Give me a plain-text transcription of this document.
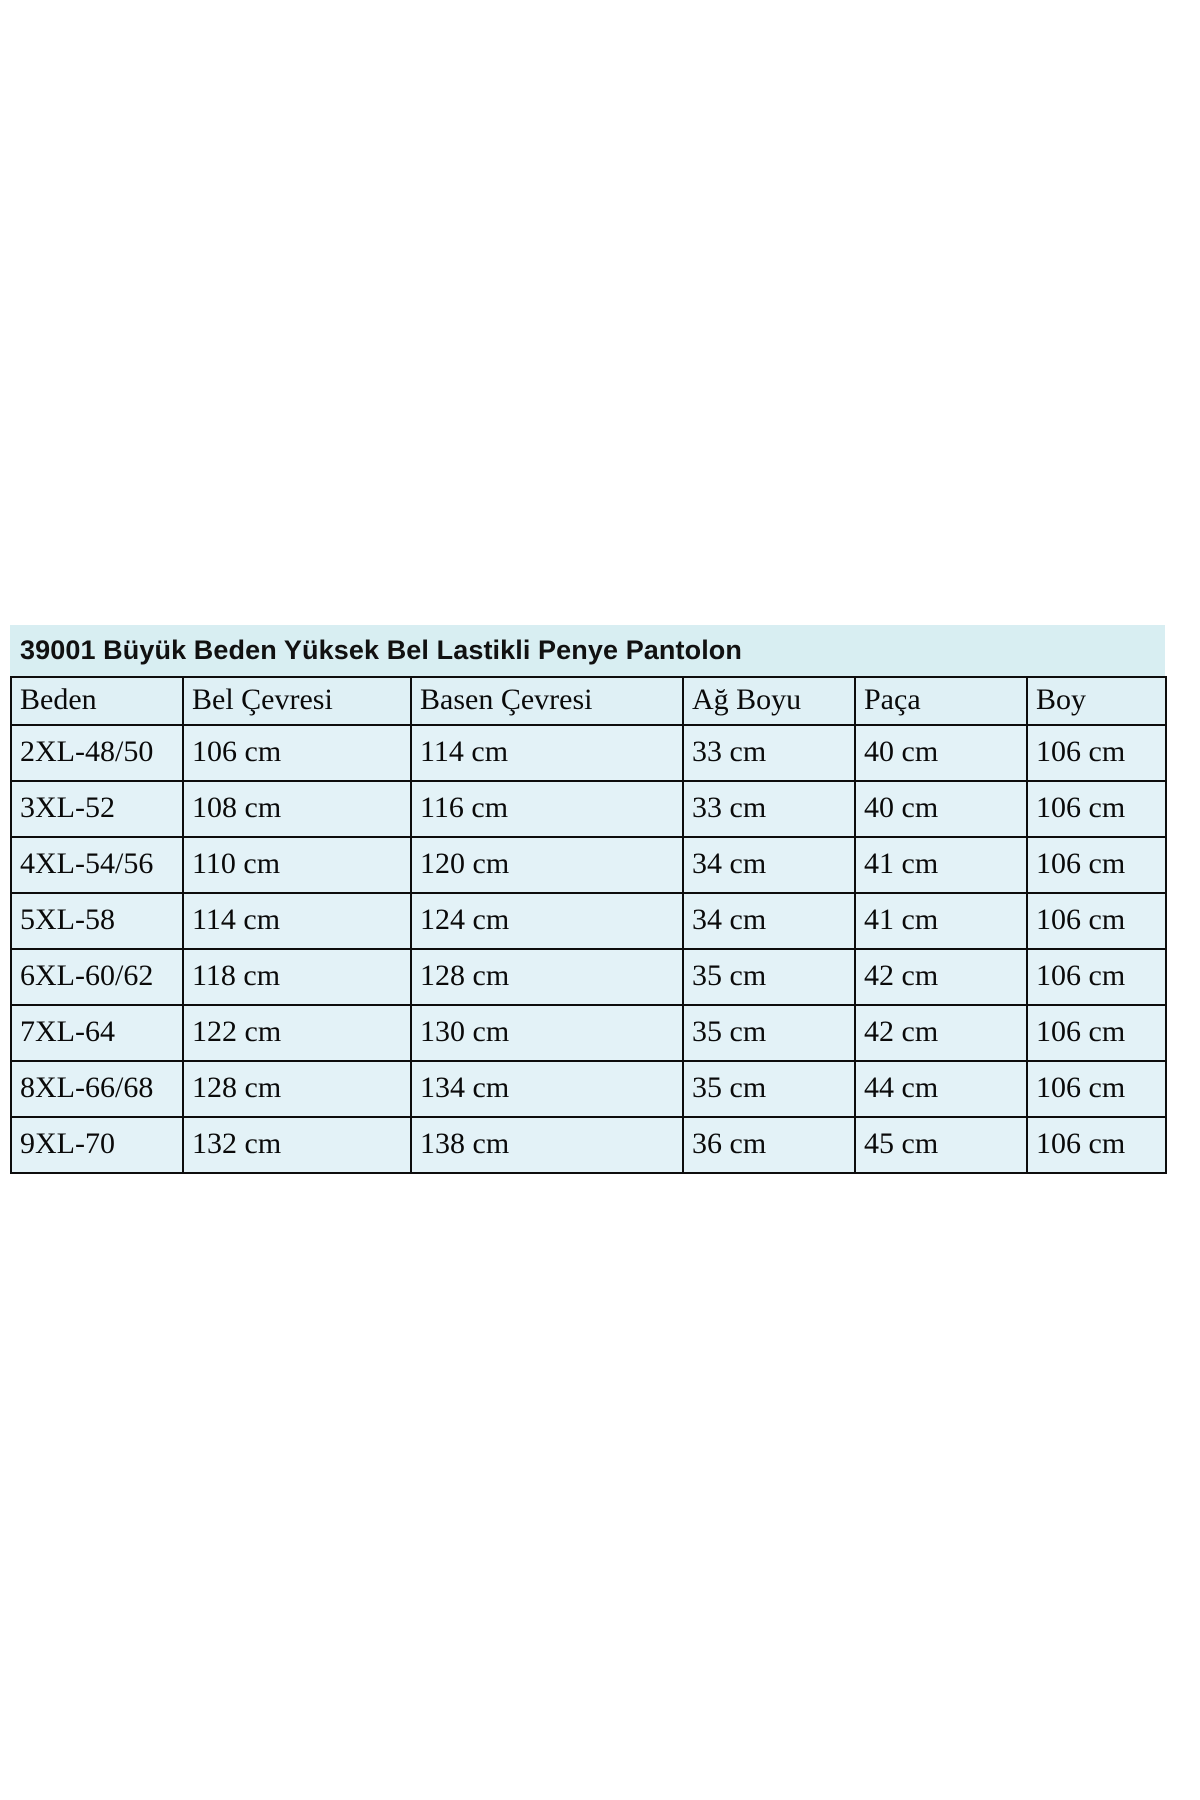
39001 Büyük Beden Yüksek Bel Lastikli Penye Pantolon
Beden	Bel Çevresi	Basen Çevresi	Ağ Boyu	Paça	Boy
2XL-48/50	106 cm	114 cm	33 cm	40 cm	106 cm
3XL-52	108 cm	116 cm	33 cm	40 cm	106 cm
4XL-54/56	110 cm	120 cm	34 cm	41 cm	106 cm
5XL-58	114 cm	124 cm	34 cm	41 cm	106 cm
6XL-60/62	118 cm	128 cm	35 cm	42 cm	106 cm
7XL-64	122 cm	130 cm	35 cm	42 cm	106 cm
8XL-66/68	128 cm	134 cm	35 cm	44 cm	106 cm
9XL-70	132 cm	138 cm	36 cm	45 cm	106 cm
